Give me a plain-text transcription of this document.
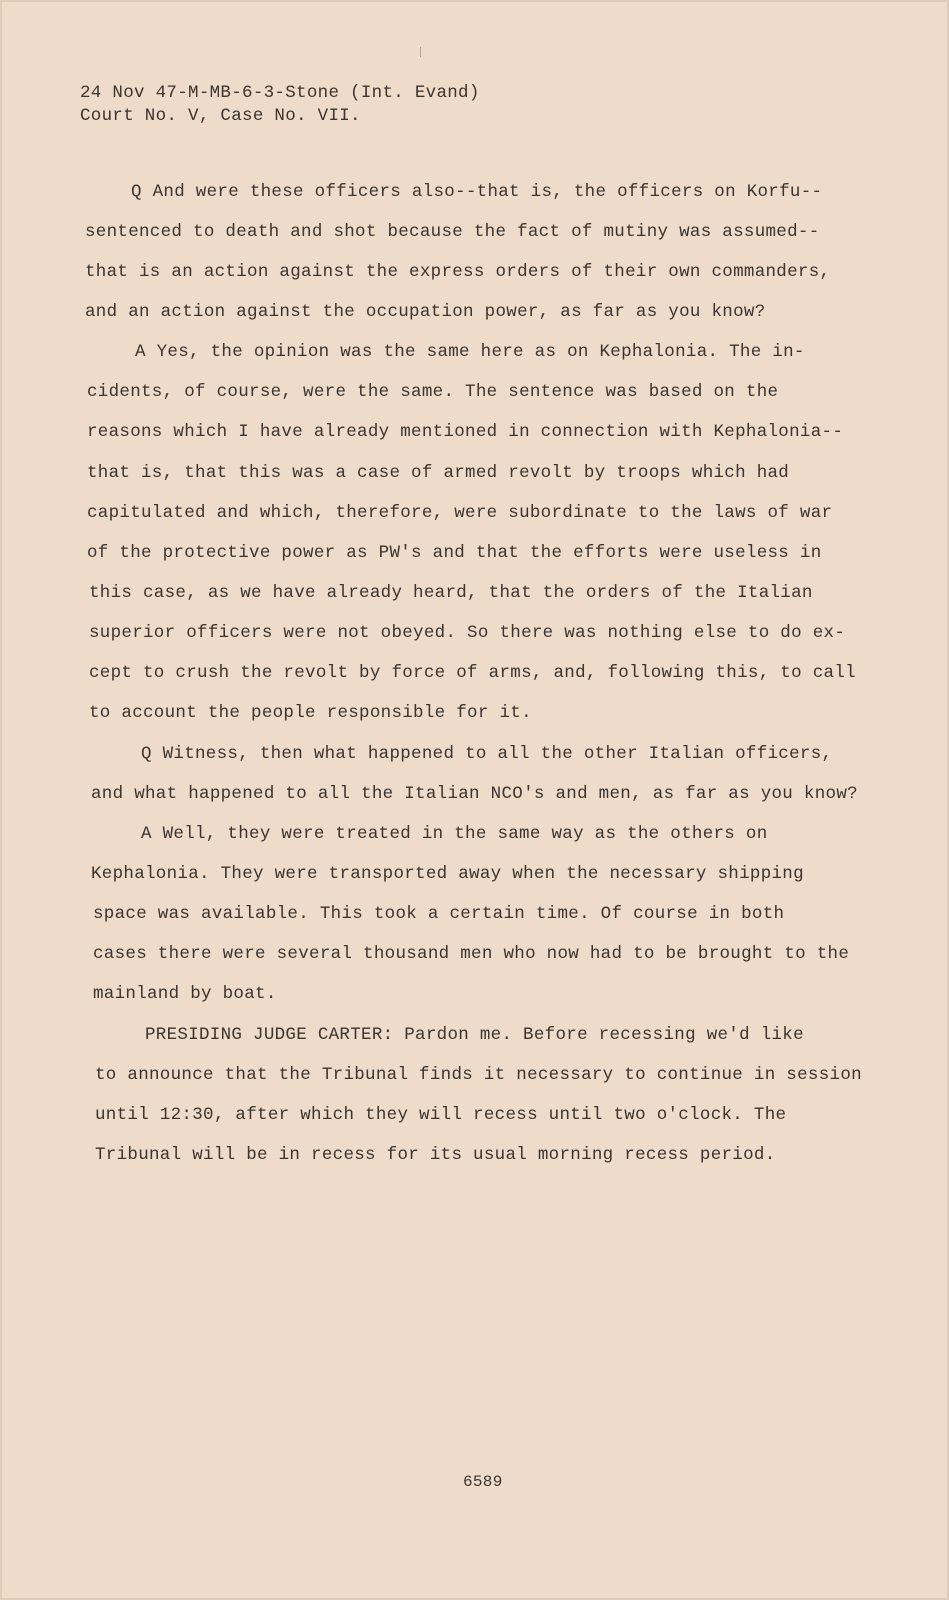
24 Nov 47-M-MB-6-3-Stone (Int. Evand)
Court No. V, Case No. VII.
Q And were these officers also--that is, the officers on Korfu--
sentenced to death and shot because the fact of mutiny was assumed--
that is an action against the express orders of their own commanders,
and an action against the occupation power, as far as you know?
A Yes, the opinion was the same here as on Kephalonia. The in-
cidents, of course, were the same. The sentence was based on the
reasons which I have already mentioned in connection with Kephalonia--
that is, that this was a case of armed revolt by troops which had
capitulated and which, therefore, were subordinate to the laws of war
of the protective power as PW's and that the efforts were useless in
this case, as we have already heard, that the orders of the Italian
superior officers were not obeyed. So there was nothing else to do ex-
cept to crush the revolt by force of arms, and, following this, to call
to account the people responsible for it.
Q Witness, then what happened to all the other Italian officers,
and what happened to all the Italian NCO's and men, as far as you know?
A Well, they were treated in the same way as the others on
Kephalonia. They were transported away when the necessary shipping
space was available. This took a certain time. Of course in both
cases there were several thousand men who now had to be brought to the
mainland by boat.
PRESIDING JUDGE CARTER: Pardon me. Before recessing we'd like
to announce that the Tribunal finds it necessary to continue in session
until 12:30, after which they will recess until two o'clock. The
Tribunal will be in recess for its usual morning recess period.
6589
